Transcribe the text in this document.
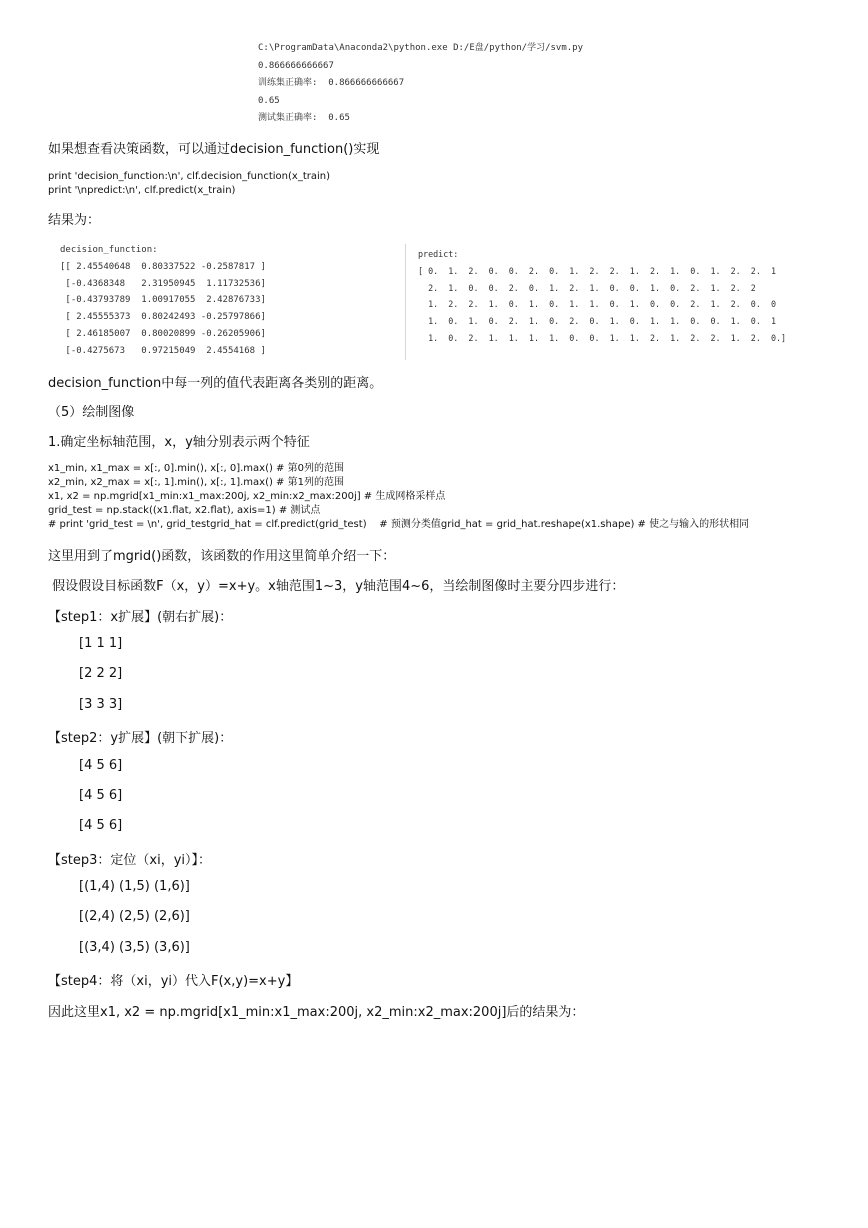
C:\ProgramData\Anaconda2\python.exe D:/E盘/python/学习/svm.py
0.866666666667
训练集正确率:  0.866666666667
0.65
测试集正确率:  0.65
如果想查看决策函数，可以通过decision_function()实现
print 'decision_function:\n', clf.decision_function(x_train)
print '\npredict:\n', clf.predict(x_train)
结果为：
decision_function:
[[ 2.45540648  0.80337522 -0.2587817 ]
[-0.4368348   2.31950945  1.11732536]
[-0.43793789  1.00917055  2.42876733]
[ 2.45555373  0.80242493 -0.25797866]
[ 2.46185007  0.80020899 -0.26205906]
[-0.4275673   0.97215049  2.4554168 ]
predict:
[ 0.  1.  2.  0.  0.  2.  0.  1.  2.  2.  1.  2.  1.  0.  1.  2.  2.  1
2.  1.  0.  0.  2.  0.  1.  2.  1.  0.  0.  1.  0.  2.  1.  2.  2
1.  2.  2.  1.  0.  1.  0.  1.  1.  0.  1.  0.  0.  2.  1.  2.  0.  0
1.  0.  1.  0.  2.  1.  0.  2.  0.  1.  0.  1.  1.  0.  0.  1.  0.  1
1.  0.  2.  1.  1.  1.  1.  0.  0.  1.  1.  2.  1.  2.  2.  1.  2.  0.]
decision_function中每一列的值代表距离各类别的距离。
（5）绘制图像
1.确定坐标轴范围，x，y轴分别表示两个特征
x1_min, x1_max = x[:, 0].min(), x[:, 0].max() # 第0列的范围
x2_min, x2_max = x[:, 1].min(), x[:, 1].max() # 第1列的范围
x1, x2 = np.mgrid[x1_min:x1_max:200j, x2_min:x2_max:200j] # 生成网格采样点
grid_test = np.stack((x1.flat, x2.flat), axis=1) # 测试点
# print 'grid_test = \n', grid_testgrid_hat = clf.predict(grid_test)    # 预测分类值grid_hat = grid_hat.reshape(x1.shape) # 使之与输入的形状相同
这里用到了mgrid()函数，该函数的作用这里简单介绍一下：
假设假设目标函数F（x，y）=x+y。x轴范围1~3，y轴范围4~6，当绘制图像时主要分四步进行：
【step1：x扩展】(朝右扩展)：
[1 1 1]
[2 2 2]
[3 3 3]
【step2：y扩展】(朝下扩展)：
[4 5 6]
[4 5 6]
[4 5 6]
【step3：定位（xi，yi）】：
[(1,4) (1,5) (1,6)]
[(2,4) (2,5) (2,6)]
[(3,4) (3,5) (3,6)]
【step4：将（xi，yi）代入F(x,y)=x+y】
因此这里x1, x2 = np.mgrid[x1_min:x1_max:200j, x2_min:x2_max:200j]后的结果为：
